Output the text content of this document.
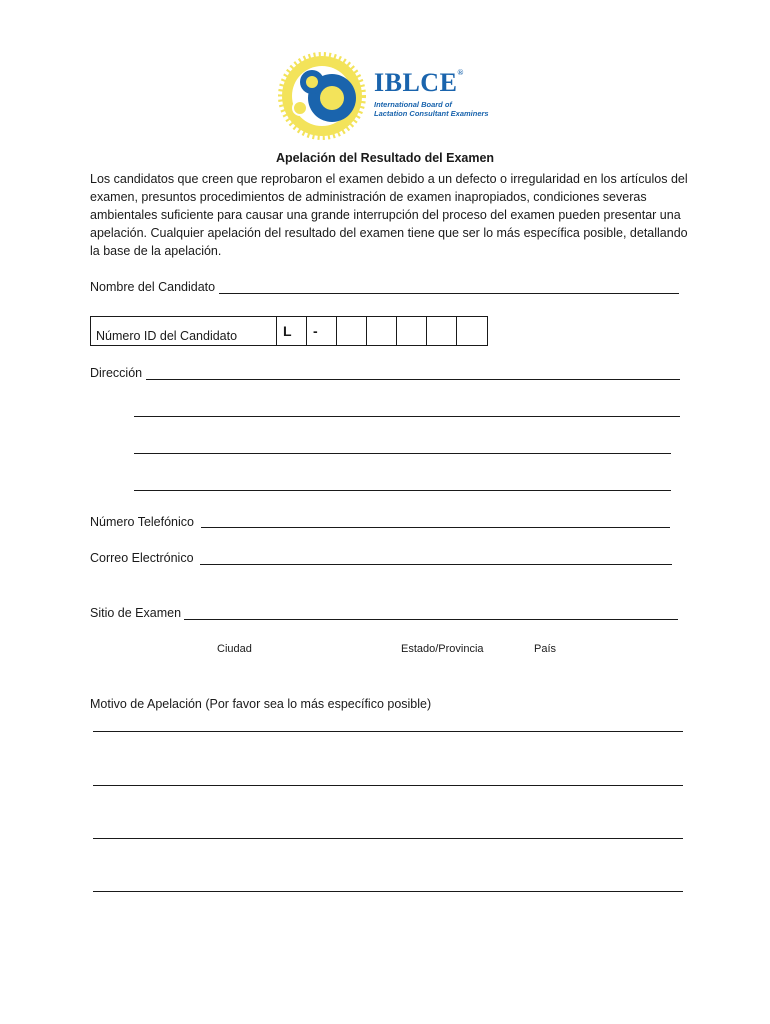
IBLCE®
International Board of
Lactation Consultant Examiners
Apelación del Resultado del Examen
Los candidatos que creen que reprobaron el examen debido a un defecto o irregularidad en los artículos del examen, presuntos procedimientos de administración de examen inapropiados, condiciones severas ambientales suficiente para causar una grande interrupción del proceso del examen pueden presentar una apelación. Cualquier apelación del resultado del examen tiene que ser lo más específica posible, detallando la base de la apelación.
Nombre del Candidato
Número ID del Candidato	L	-
Dirección
Número Telefónico
Correo Electrónico
Sitio de Examen
Ciudad	Estado/Provincia	País
Motivo de Apelación (Por favor sea lo más específico posible)
